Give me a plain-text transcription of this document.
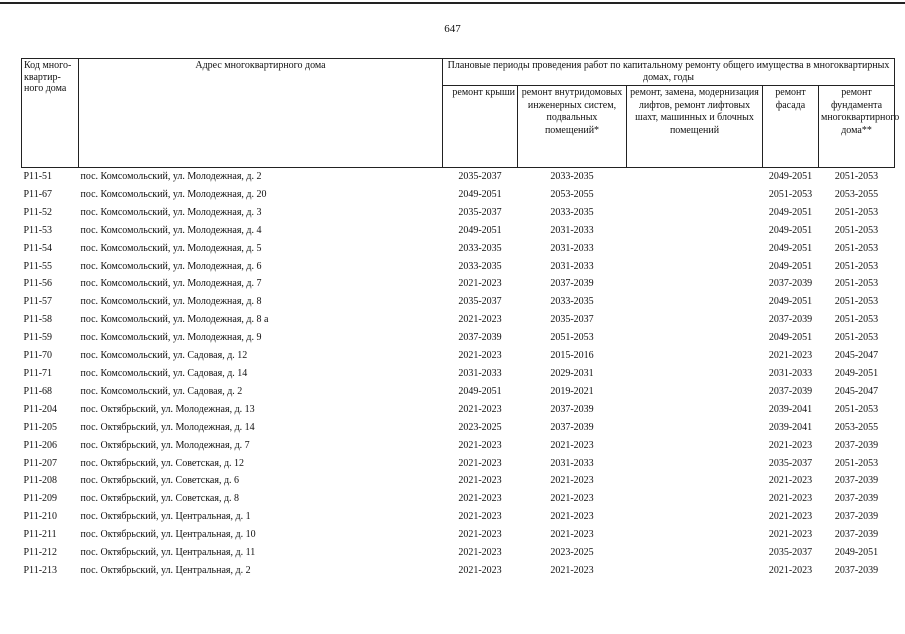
647
Код много-квартир-ного дома	Адрес многоквартирного дома	Плановые периоды проведения работ по капитальному ремонту общего имущества в многоквартирных домах, годы				
		ремонт крыши	ремонт внутридомовых инженерных систем, подвальных помещений*	ремонт, замена, модернизация лифтов, ремонт лифтовых шахт, машинных и блочных помещений	ремонт фасада	ремонт фундамента многоквартирного дома**
P11-51	пос. Комсомольский, ул. Молодежная, д. 2	2035-2037	2033-2035		2049-2051	2051-2053
P11-67	пос. Комсомольский, ул. Молодежная, д. 20	2049-2051	2053-2055		2051-2053	2053-2055
P11-52	пос. Комсомольский, ул. Молодежная, д. 3	2035-2037	2033-2035		2049-2051	2051-2053
P11-53	пос. Комсомольский, ул. Молодежная, д. 4	2049-2051	2031-2033		2049-2051	2051-2053
P11-54	пос. Комсомольский, ул. Молодежная, д. 5	2033-2035	2031-2033		2049-2051	2051-2053
P11-55	пос. Комсомольский, ул. Молодежная, д. 6	2033-2035	2031-2033		2049-2051	2051-2053
P11-56	пос. Комсомольский, ул. Молодежная, д. 7	2021-2023	2037-2039		2037-2039	2051-2053
P11-57	пос. Комсомольский, ул. Молодежная, д. 8	2035-2037	2033-2035		2049-2051	2051-2053
P11-58	пос. Комсомольский, ул. Молодежная, д. 8 а	2021-2023	2035-2037		2037-2039	2051-2053
P11-59	пос. Комсомольский, ул. Молодежная, д. 9	2037-2039	2051-2053		2049-2051	2051-2053
P11-70	пос. Комсомольский, ул. Садовая, д. 12	2021-2023	2015-2016		2021-2023	2045-2047
P11-71	пос. Комсомольский, ул. Садовая, д. 14	2031-2033	2029-2031		2031-2033	2049-2051
P11-68	пос. Комсомольский, ул. Садовая, д. 2	2049-2051	2019-2021		2037-2039	2045-2047
P11-204	пос. Октябрьский, ул. Молодежная, д. 13	2021-2023	2037-2039		2039-2041	2051-2053
P11-205	пос. Октябрьский, ул. Молодежная, д. 14	2023-2025	2037-2039		2039-2041	2053-2055
P11-206	пос. Октябрьский, ул. Молодежная, д. 7	2021-2023	2021-2023		2021-2023	2037-2039
P11-207	пос. Октябрьский, ул. Советская, д. 12	2021-2023	2031-2033		2035-2037	2051-2053
P11-208	пос. Октябрьский, ул. Советская, д. 6	2021-2023	2021-2023		2021-2023	2037-2039
P11-209	пос. Октябрьский, ул. Советская, д. 8	2021-2023	2021-2023		2021-2023	2037-2039
P11-210	пос. Октябрьский, ул. Центральная, д. 1	2021-2023	2021-2023		2021-2023	2037-2039
P11-211	пос. Октябрьский, ул. Центральная, д. 10	2021-2023	2021-2023		2021-2023	2037-2039
P11-212	пос. Октябрьский, ул. Центральная, д. 11	2021-2023	2023-2025		2035-2037	2049-2051
P11-213	пос. Октябрьский, ул. Центральная, д. 2	2021-2023	2021-2023		2021-2023	2037-2039
